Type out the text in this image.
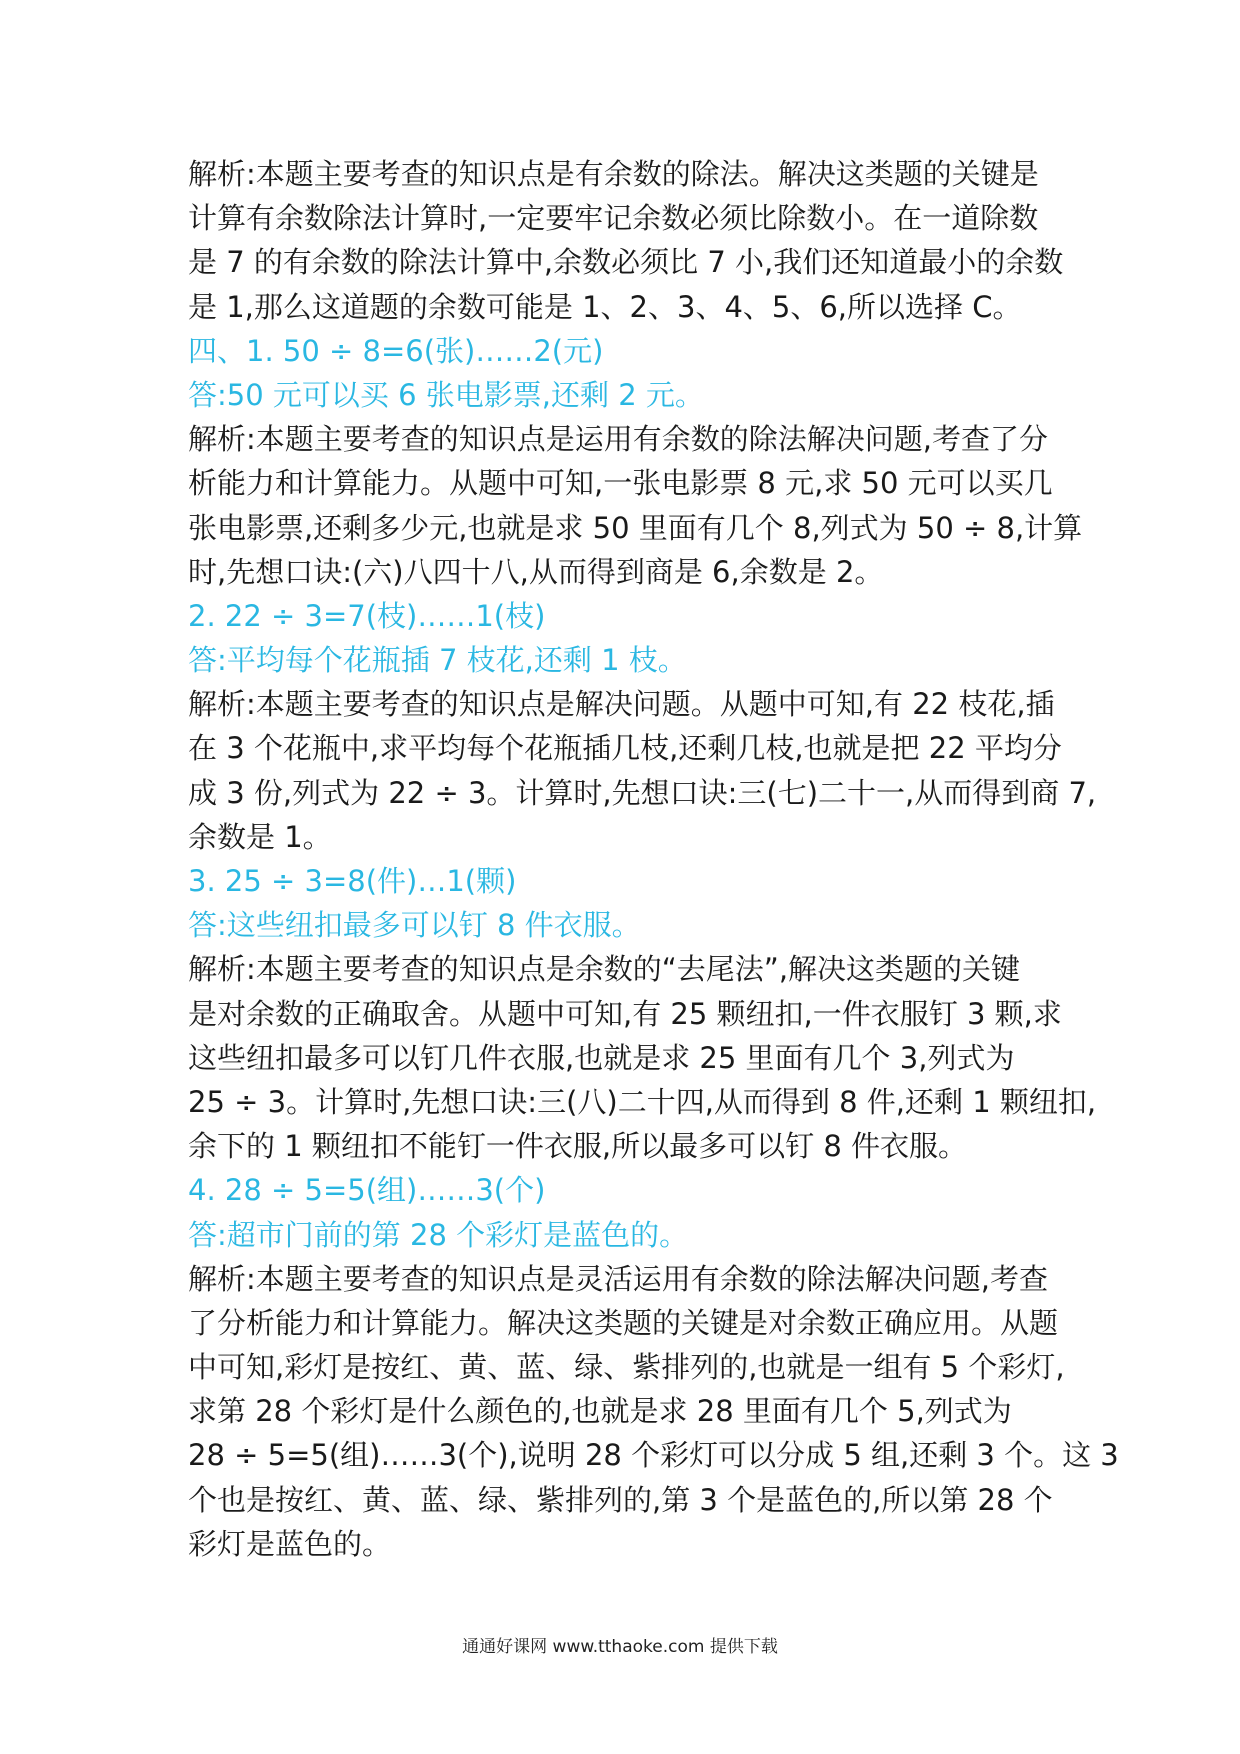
解析:本题主要考查的知识点是有余数的除法。解决这类题的关键是
计算有余数除法计算时,一定要牢记余数必须比除数小。在一道除数
是 7 的有余数的除法计算中,余数必须比 7 小,我们还知道最小的余数
是 1,那么这道题的余数可能是 1、2、3、4、5、6,所以选择 C。
四、1. 50 ÷ 8=6(张)……2(元)
答:50 元可以买 6 张电影票,还剩 2 元。
解析:本题主要考查的知识点是运用有余数的除法解决问题,考查了分
析能力和计算能力。从题中可知,一张电影票 8 元,求 50 元可以买几
张电影票,还剩多少元,也就是求 50 里面有几个 8,列式为 50 ÷ 8,计算
时,先想口诀:(六)八四十八,从而得到商是 6,余数是 2。
2. 22 ÷ 3=7(枝)……1(枝)
答:平均每个花瓶插 7 枝花,还剩 1 枝。
解析:本题主要考查的知识点是解决问题。从题中可知,有 22 枝花,插
在 3 个花瓶中,求平均每个花瓶插几枝,还剩几枝,也就是把 22 平均分
成 3 份,列式为 22 ÷ 3。计算时,先想口诀:三(七)二十一,从而得到商 7,
余数是 1。
3. 25 ÷ 3=8(件)…1(颗)
答:这些纽扣最多可以钉 8 件衣服。
解析:本题主要考查的知识点是余数的“去尾法”,解决这类题的关键
是对余数的正确取舍。从题中可知,有 25 颗纽扣,一件衣服钉 3 颗,求
这些纽扣最多可以钉几件衣服,也就是求 25 里面有几个 3,列式为
25 ÷ 3。计算时,先想口诀:三(八)二十四,从而得到 8 件,还剩 1 颗纽扣,
余下的 1 颗纽扣不能钉一件衣服,所以最多可以钉 8 件衣服。
4. 28 ÷ 5=5(组)……3(个)
答:超市门前的第 28 个彩灯是蓝色的。
解析:本题主要考查的知识点是灵活运用有余数的除法解决问题,考查
了分析能力和计算能力。解决这类题的关键是对余数正确应用。从题
中可知,彩灯是按红、黄、蓝、绿、紫排列的,也就是一组有 5 个彩灯,
求第 28 个彩灯是什么颜色的,也就是求 28 里面有几个 5,列式为
28 ÷ 5=5(组)……3(个),说明 28 个彩灯可以分成 5 组,还剩 3 个。这 3
个也是按红、黄、蓝、绿、紫排列的,第 3 个是蓝色的,所以第 28 个
彩灯是蓝色的。
通通好课网 www.tthaoke.com 提供下载
